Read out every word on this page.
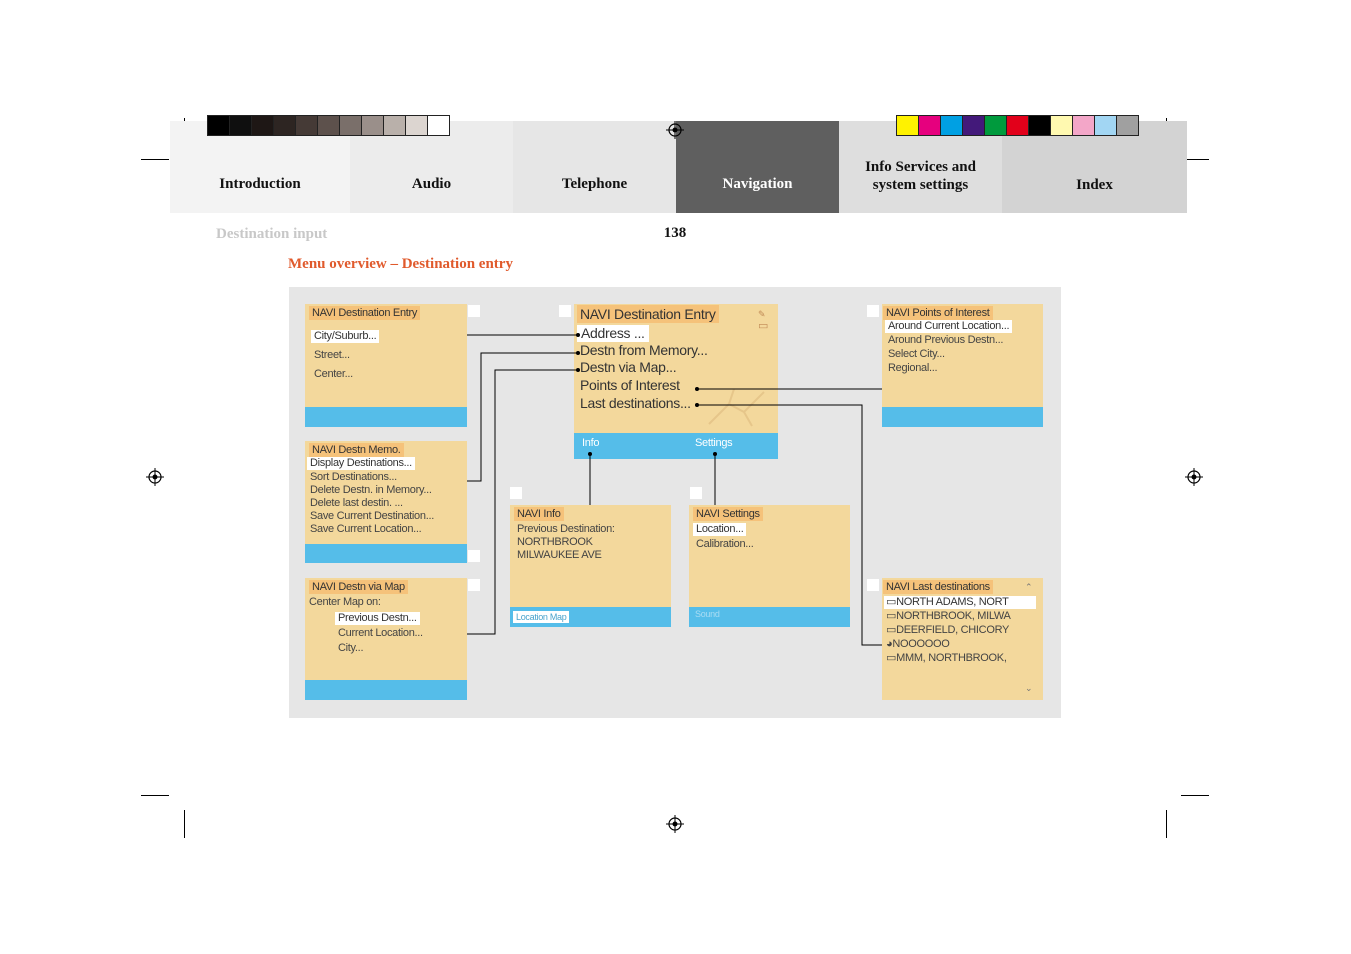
Introduction	Audio	Telephone	Navigation
Info Services and system settings	Index
Destination input	138
Menu overview – Destination entry
NAVI Destination Entry
City/Suburb...
Street...
Center...
NAVI Destn Memo.
Display Destinations...
Sort Destinations...
Delete Destn. in Memory...
Delete last destin. ...
Save Current Destination...
Save Current Location...
NAVI Destn via Map
Center Map on:
Previous Destn...
Current Location...
City...
NAVI Destination Entry	✎
▭
Address ...
Destn from Memory...
Destn via Map...
Points of Interest
Last destinations...
Info	Settings
NAVI Info
Previous Destination:
NORTHBROOK
MILWAUKEE AVE
Location Map
NAVI Settings
Location...
Calibration...
Sound
NAVI Points of Interest
Around Current Location...
Around Previous Destn...
Select City...
Regional...
NAVI Last destinations	⌃
▭NORTH ADAMS, NORT
▭NORTHBROOK, MILWA
▭DEERFIELD, CHICORY
◕NOOOOOO
▭MMM, NORTHBROOK,
⌄
